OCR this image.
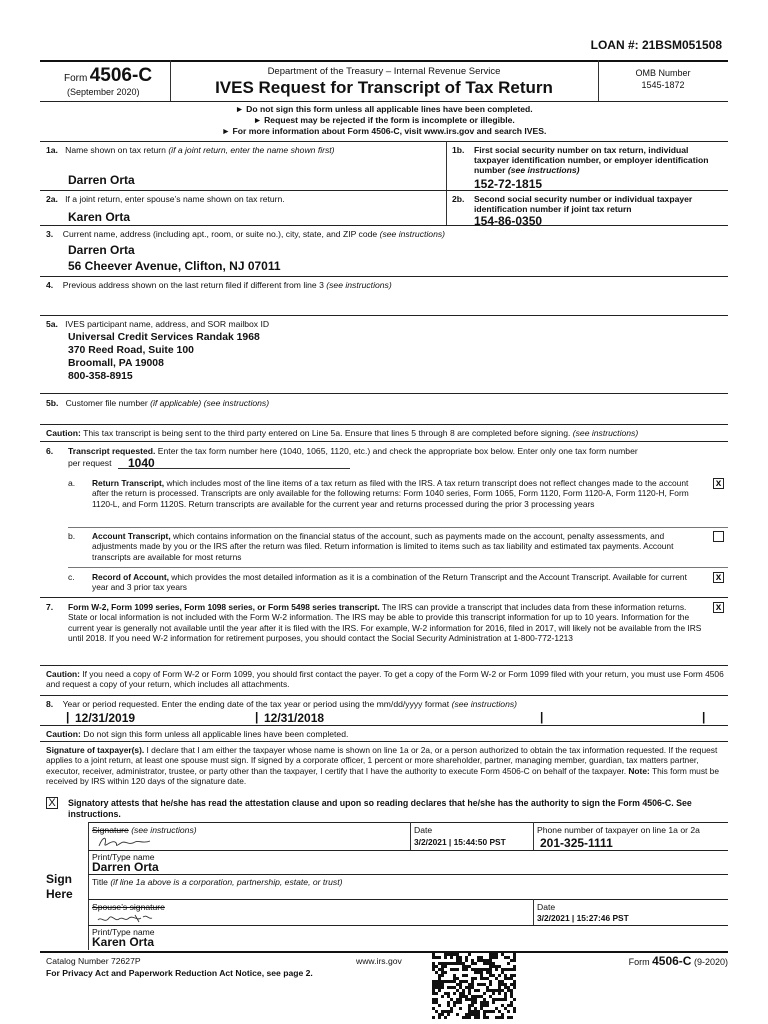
LOAN #: 21BSM051508
Form 4506-C
(September 2020)
Department of the Treasury – Internal Revenue Service
IVES Request for Transcript of Tax Return
OMB Number
1545-1872
► Do not sign this form unless all applicable lines have been completed.
► Request may be rejected if the form is incomplete or illegible.
► For more information about Form 4506-C, visit www.irs.gov and search IVES.
1a. Name shown on tax return (if a joint return, enter the name shown first)
Darren Orta
1b. First social security number on tax return, individual taxpayer identification number, or employer identification number (see instructions)
152-72-1815
2a. If a joint return, enter spouse’s name shown on tax return.
Karen Orta
2b. Second social security number or individual taxpayer identification number if joint tax return
154-86-0350
3. Current name, address (including apt., room, or suite no.), city, state, and ZIP code (see instructions)
Darren Orta
56 Cheever Avenue, Clifton, NJ 07011
4. Previous address shown on the last return filed if different from line 3 (see instructions)
5a. IVES participant name, address, and SOR mailbox ID
Universal Credit Services Randak 1968
370 Reed Road, Suite 100
Broomall, PA 19008
800-358-8915
5b. Customer file number (if applicable) (see instructions)
Caution: This tax transcript is being sent to the third party entered on Line 5a. Ensure that lines 5 through 8 are completed before signing. (see instructions)
6. Transcript requested. Enter the tax form number here (1040, 1065, 1120, etc.) and check the appropriate box below. Enter only one tax form number
per request 1040
a. Return Transcript, which includes most of the line items of a tax return as filed with the IRS. A tax return transcript does not reflect changes made to the account after the return is processed. Transcripts are only available for the following returns: Form 1040 series, Form 1065, Form 1120, Form 1120-A, Form 1120-H, Form 1120-L, and Form 1120S. Return transcripts are available for the current year and returns processed during the prior 3 processing years
x
b. Account Transcript, which contains information on the financial status of the account, such as payments made on the account, penalty assessments, and adjustments made by you or the IRS after the return was filed. Return information is limited to items such as tax liability and estimated tax payments. Account transcripts are available for most returns
c. Record of Account, which provides the most detailed information as it is a combination of the Return Transcript and the Account Transcript. Available for current year and 3 prior tax years
x
7. Form W-2, Form 1099 series, Form 1098 series, or Form 5498 series transcript. The IRS can provide a transcript that includes data from these information returns. State or local information is not included with the Form W-2 information. The IRS may be able to provide this transcript information for up to 10 years. Information for the current year is generally not available until the year after it is filed with the IRS. For example, W-2 information for 2016, filed in 2017, will likely not be available from the IRS until 2018. If you need W-2 information for retirement purposes, you should contact the Social Security Administration at 1-800-772-1213
x
Caution: If you need a copy of Form W-2 or Form 1099, you should first contact the payer. To get a copy of the Form W-2 or Form 1099 filed with your return, you must use Form 4506 and request a copy of your return, which includes all attachments.
8. Year or period requested. Enter the ending date of the tax year or period using the mm/dd/yyyy format (see instructions)
| 12/31/2019	| 12/31/2018	|	|
Caution: Do not sign this form unless all applicable lines have been completed.
Signature of taxpayer(s). I declare that I am either the taxpayer whose name is shown on line 1a or 2a, or a person authorized to obtain the tax information requested. If the request applies to a joint return, at least one spouse must sign. If signed by a corporate officer, 1 percent or more shareholder, partner, managing member, guardian, tax matters partner, executor, receiver, administrator, trustee, or party other than the taxpayer, I certify that I have the authority to execute Form 4506-C on behalf of the taxpayer. Note: This form must be received by IRS within 120 days of the signature date.
X Signatory attests that he/she has read the attestation clause and upon so reading declares that he/she has the authority to sign the Form 4506-C. See instructions.
Sign
Here
Signature (see instructions)	Date
3/2/2021 | 15:44:50 PST
Phone number of taxpayer on line 1a or 2a
201-325-1111
Print/Type name
Darren Orta
Title (if line 1a above is a corporation, partnership, estate, or trust)
Spouse’s signature	Date
3/2/2021 | 15:27:46 PST
Print/Type name
Karen Orta
Catalog Number 72627P	www.irs.gov
For Privacy Act and Paperwork Reduction Act Notice, see page 2.
Form 4506-C (9-2020)
